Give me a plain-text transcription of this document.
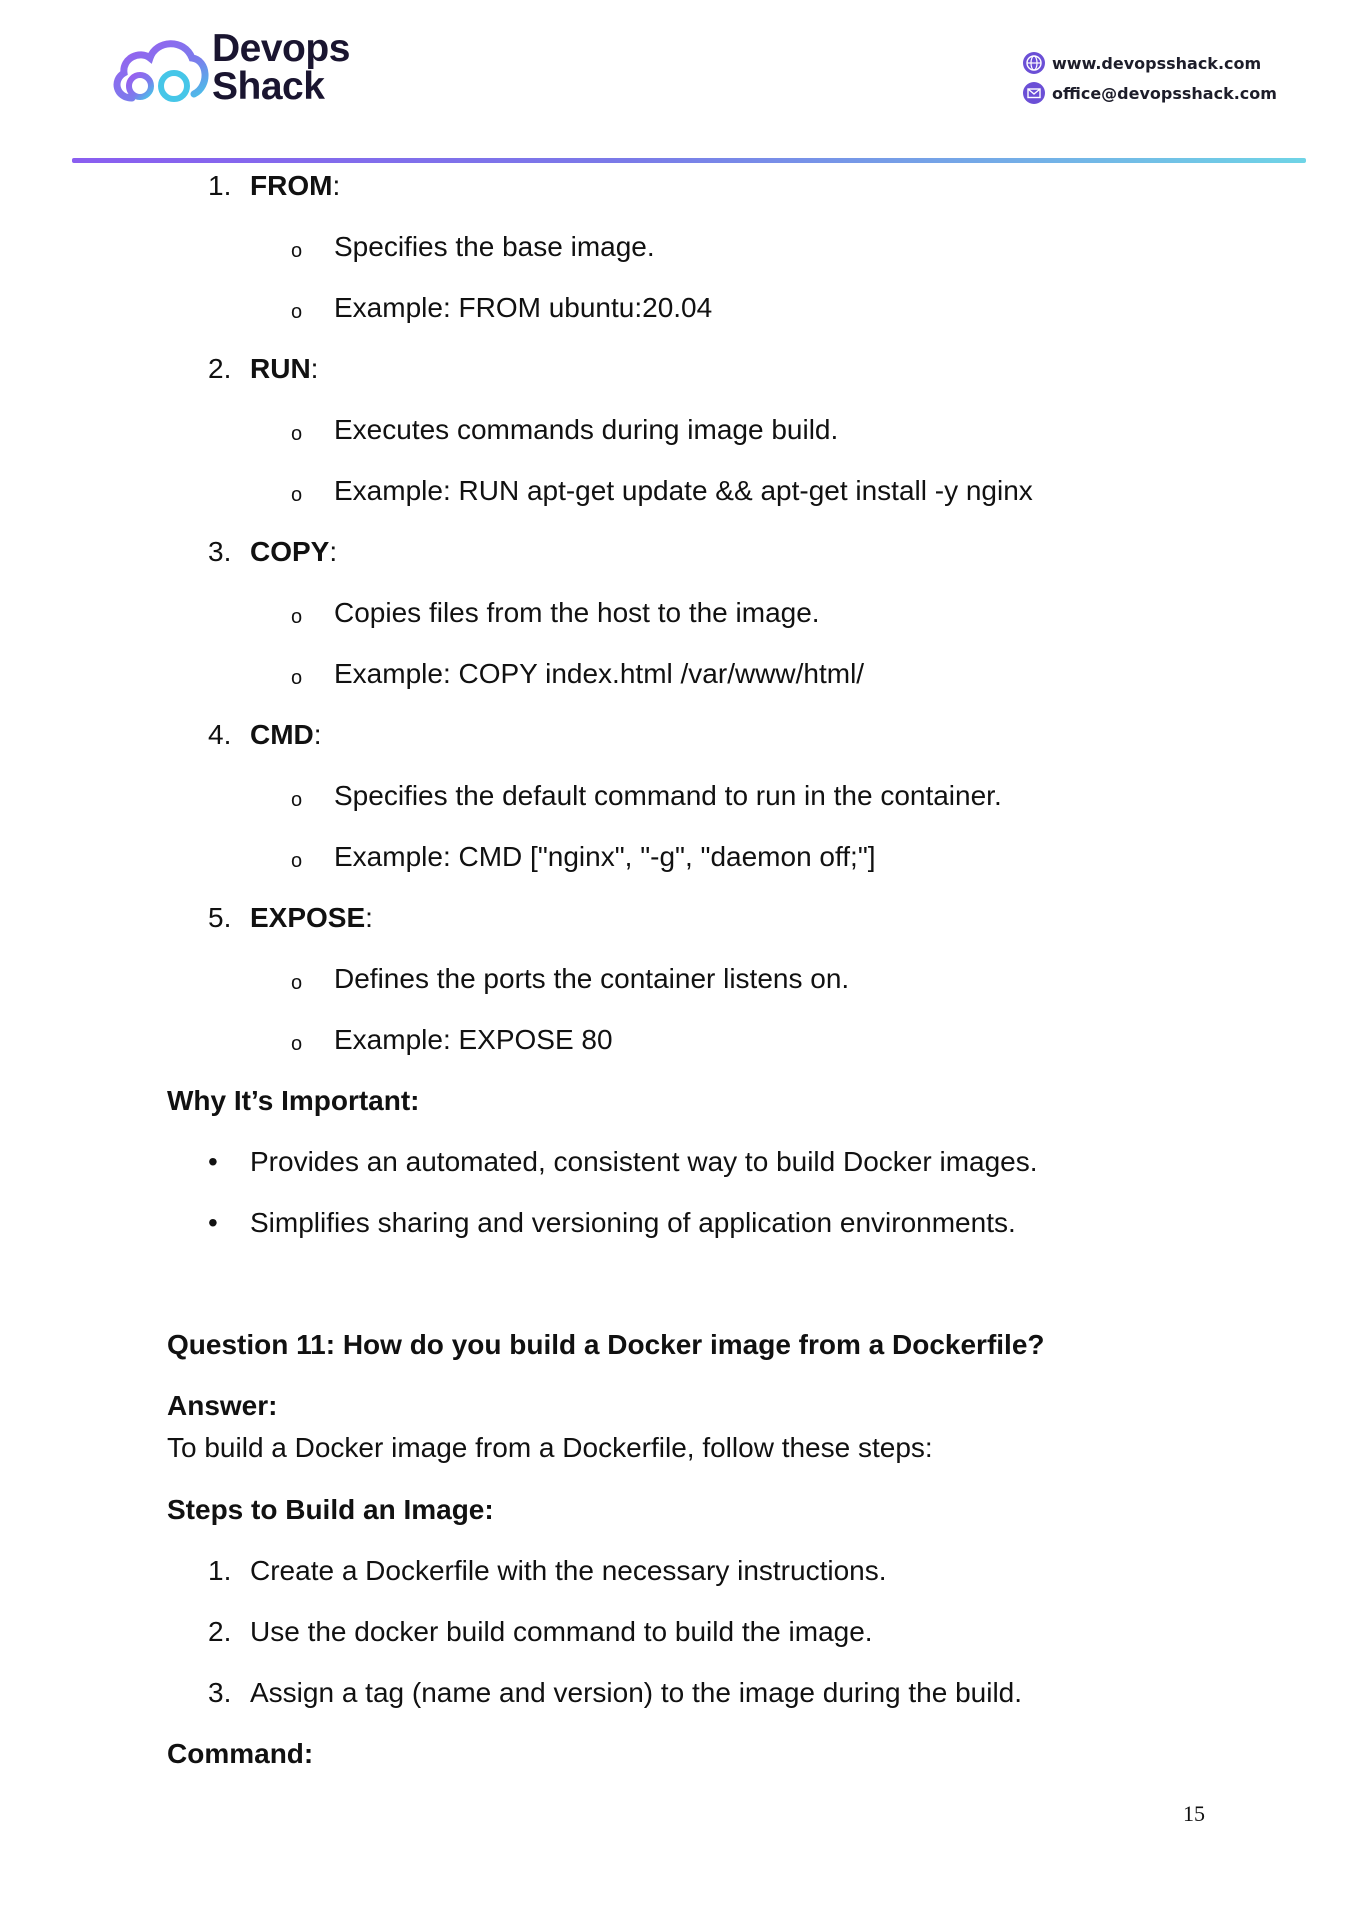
Devops
Shack
www.devopsshack.com
office@devopsshack.com
1. FROM:
o Specifies the base image.
o Example: FROM ubuntu:20.04
2. RUN:
o Executes commands during image build.
o Example: RUN apt-get update && apt-get install -y nginx
3. COPY:
o Copies files from the host to the image.
o Example: COPY index.html /var/www/html/
4. CMD:
o Specifies the default command to run in the container.
o Example: CMD ["nginx", "-g", "daemon off;"]
5. EXPOSE:
o Defines the ports the container listens on.
o Example: EXPOSE 80
Why It’s Important:
• Provides an automated, consistent way to build Docker images.
• Simplifies sharing and versioning of application environments.
Question 11: How do you build a Docker image from a Dockerfile?
Answer:
To build a Docker image from a Dockerfile, follow these steps:
Steps to Build an Image:
1. Create a Dockerfile with the necessary instructions.
2. Use the docker build command to build the image.
3. Assign a tag (name and version) to the image during the build.
Command:
15
